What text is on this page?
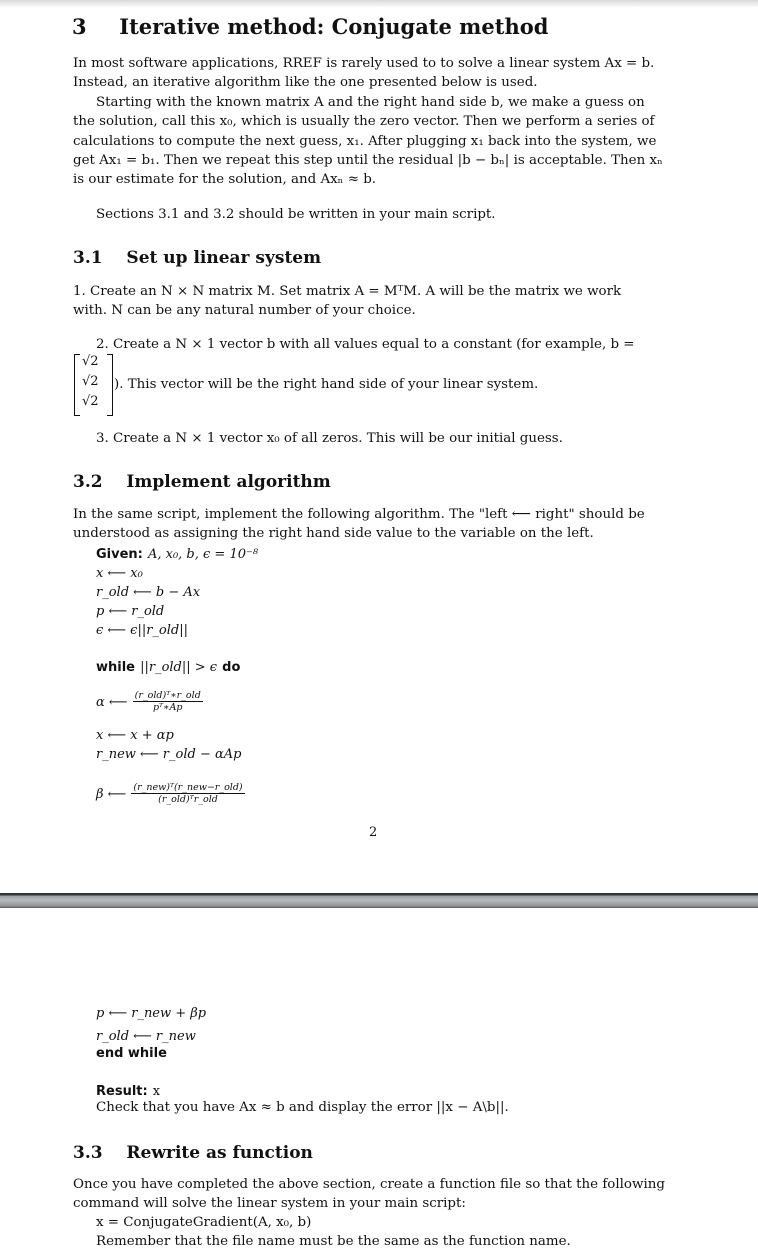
3 Iterative method: Conjugate method
In most software applications, RREF is rarely used to to solve a linear system Ax = b.
Instead, an iterative algorithm like the one presented below is used.
Starting with the known matrix A and the right hand side b, we make a guess on
the solution, call this x₀, which is usually the zero vector. Then we perform a series of
calculations to compute the next guess, x₁. After plugging x₁ back into the system, we
get Ax₁ = b₁. Then we repeat this step until the residual |b − bₙ| is acceptable. Then xₙ
is our estimate for the solution, and Axₙ ≈ b.
Sections 3.1 and 3.2 should be written in your main script.
3.1 Set up linear system
1. Create an N × N matrix M. Set matrix A = MᵀM. A will be the matrix we work
with. N can be any natural number of your choice.
2. Create a N × 1 vector b with all values equal to a constant (for example, b =
√2
√2
√2
). This vector will be the right hand side of your linear system.
3. Create a N × 1 vector x₀ of all zeros. This will be our initial guess.
3.2 Implement algorithm
In the same script, implement the following algorithm. The "left ⟵ right" should be
understood as assigning the right hand side value to the variable on the left.
Given: A, x₀, b, ϵ = 10⁻⁸
x ⟵ x₀
r_old ⟵ b − Ax
p ⟵ r_old
ϵ ⟵ ϵ||r_old||
while ||r_old|| > ϵ do
α ⟵ $\frac{\text{(r\_old)ᵀ∗r\_old}}{\text{pᵀ∗Ap}}$
x ⟵ x + αp
r_new ⟵ r_old − αAp
β ⟵ $\frac{\text{(r\_new)ᵀ(r\_new−r\_old)}}{\text{(r\_old)ᵀr\_old}}$
2
p ⟵ r_new + βp
r_old ⟵ r_new
end while
Result: x
Check that you have Ax ≈ b and display the error ||x − A\b||.
3.3 Rewrite as function
Once you have completed the above section, create a function file so that the following
command will solve the linear system in your main script:
x = ConjugateGradient(A, x₀, b)
Remember that the file name must be the same as the function name.
